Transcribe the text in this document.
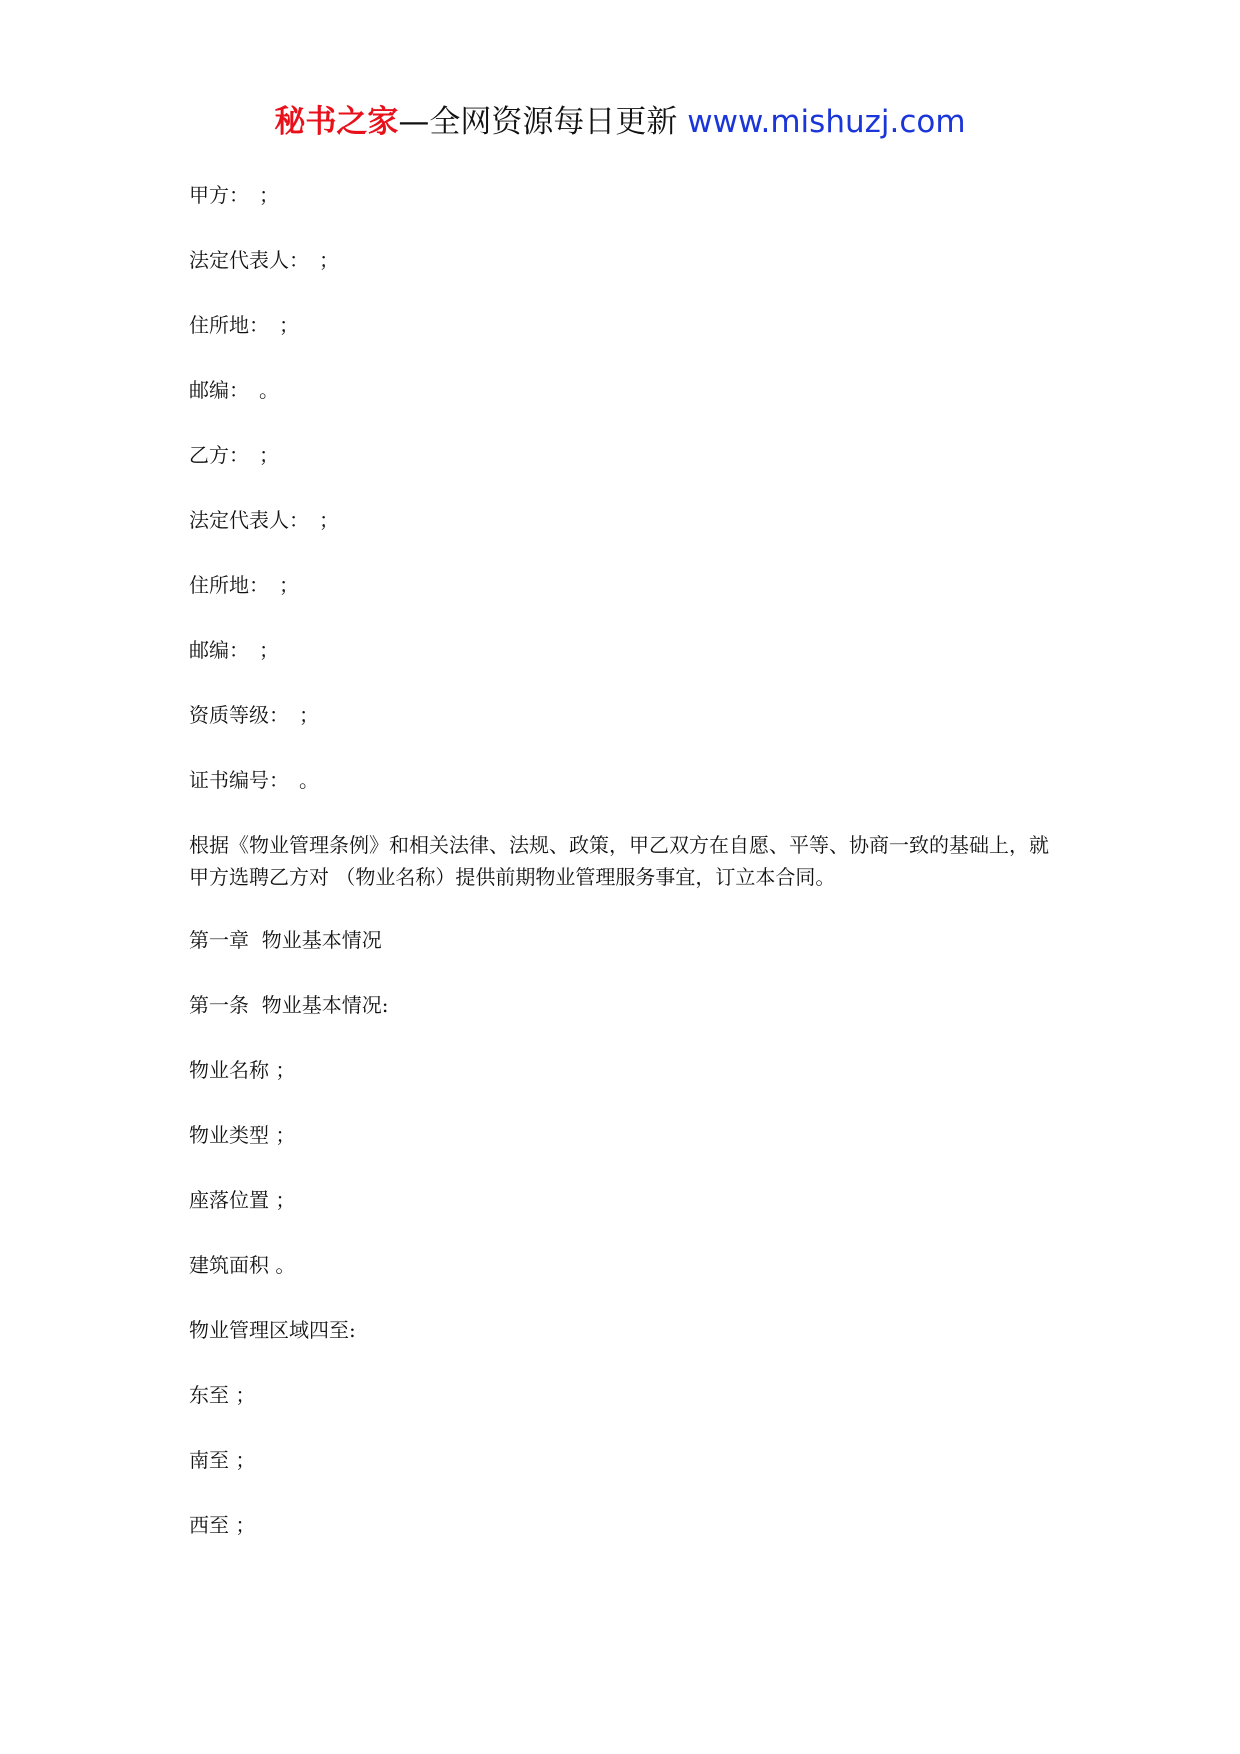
秘书之家—全网资源每日更新 www.mishuzj.com

甲方：　；

法定代表人：　；

住所地：　；

邮编：　。

乙方：　；

法定代表人：　；

住所地：　；

邮编：　；

资质等级：　；

证书编号：　。

根据《物业管理条例》和相关法律、法规、政策，甲乙双方在自愿、平等、协商一致的基础上，就甲方选聘乙方对 （物业名称）提供前期物业管理服务事宜，订立本合同。

第一章  物业基本情况

第一条  物业基本情况:

物业名称 ；

物业类型 ；

座落位置 ；

建筑面积 。

物业管理区域四至:

东至 ；

南至 ；

西至 ；
